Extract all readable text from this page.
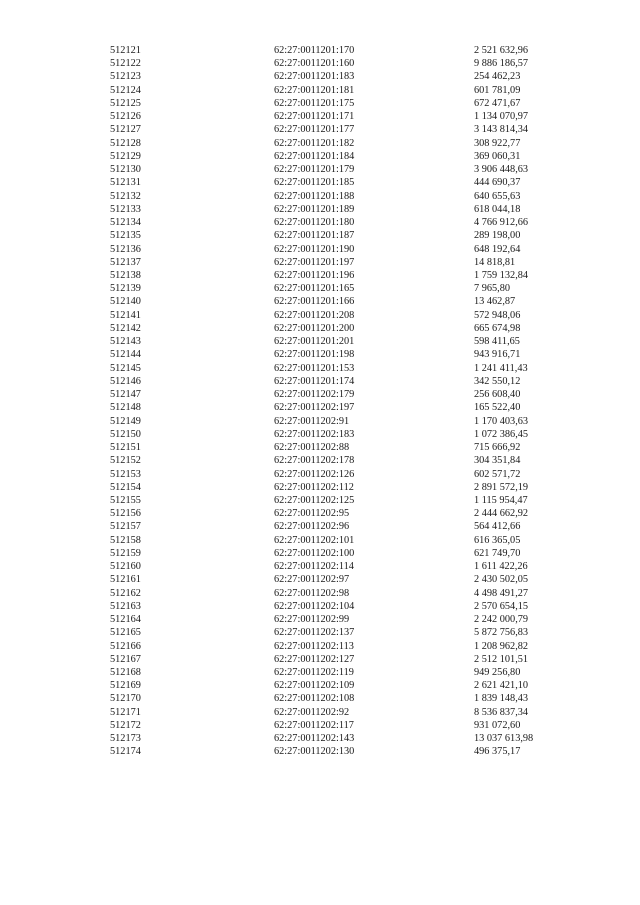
512121	62:27:0011201:170	2 521 632,96
512122	62:27:0011201:160	9 886 186,57
512123	62:27:0011201:183	254 462,23
512124	62:27:0011201:181	601 781,09
512125	62:27:0011201:175	672 471,67
512126	62:27:0011201:171	1 134 070,97
512127	62:27:0011201:177	3 143 814,34
512128	62:27:0011201:182	308 922,77
512129	62:27:0011201:184	369 060,31
512130	62:27:0011201:179	3 906 448,63
512131	62:27:0011201:185	444 690,37
512132	62:27:0011201:188	640 655,63
512133	62:27:0011201:189	618 044,18
512134	62:27:0011201:180	4 766 912,66
512135	62:27:0011201:187	289 198,00
512136	62:27:0011201:190	648 192,64
512137	62:27:0011201:197	14 818,81
512138	62:27:0011201:196	1 759 132,84
512139	62:27:0011201:165	7 965,80
512140	62:27:0011201:166	13 462,87
512141	62:27:0011201:208	572 948,06
512142	62:27:0011201:200	665 674,98
512143	62:27:0011201:201	598 411,65
512144	62:27:0011201:198	943 916,71
512145	62:27:0011201:153	1 241 411,43
512146	62:27:0011201:174	342 550,12
512147	62:27:0011202:179	256 608,40
512148	62:27:0011202:197	165 522,40
512149	62:27:0011202:91	1 170 403,63
512150	62:27:0011202:183	1 072 386,45
512151	62:27:0011202:88	715 666,92
512152	62:27:0011202:178	304 351,84
512153	62:27:0011202:126	602 571,72
512154	62:27:0011202:112	2 891 572,19
512155	62:27:0011202:125	1 115 954,47
512156	62:27:0011202:95	2 444 662,92
512157	62:27:0011202:96	564 412,66
512158	62:27:0011202:101	616 365,05
512159	62:27:0011202:100	621 749,70
512160	62:27:0011202:114	1 611 422,26
512161	62:27:0011202:97	2 430 502,05
512162	62:27:0011202:98	4 498 491,27
512163	62:27:0011202:104	2 570 654,15
512164	62:27:0011202:99	2 242 000,79
512165	62:27:0011202:137	5 872 756,83
512166	62:27:0011202:113	1 208 962,82
512167	62:27:0011202:127	2 512 101,51
512168	62:27:0011202:119	949 256,80
512169	62:27:0011202:109	2 621 421,10
512170	62:27:0011202:108	1 839 148,43
512171	62:27:0011202:92	8 536 837,34
512172	62:27:0011202:117	931 072,60
512173	62:27:0011202:143	13 037 613,98
512174	62:27:0011202:130	496 375,17
